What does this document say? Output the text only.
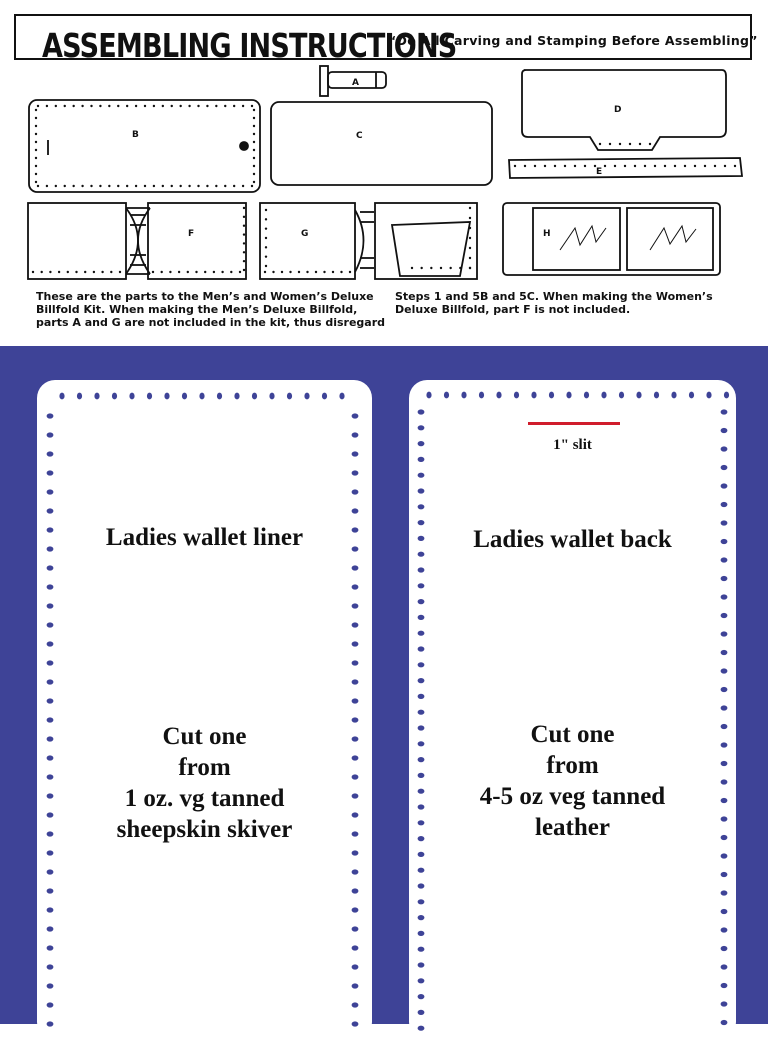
ASSEMBLING INSTRUCTIONS
“Do All Carving and Stamping Before Assembling”
A
B	C
D
E
F	G	H
These are the parts to the Men’s and Women’s Deluxe
Billfold Kit. When making the Men’s Deluxe Billfold,
parts A and G are not included in the kit, thus disregard
Steps 1 and 5B and 5C. When making the Women’s
Deluxe Billfold, part F is not included.
Ladies wallet liner
Cut one
from
1 oz. vg tanned
sheepskin skiver
1" slit
Ladies wallet back
Cut one
from
4-5 oz veg tanned
leather
